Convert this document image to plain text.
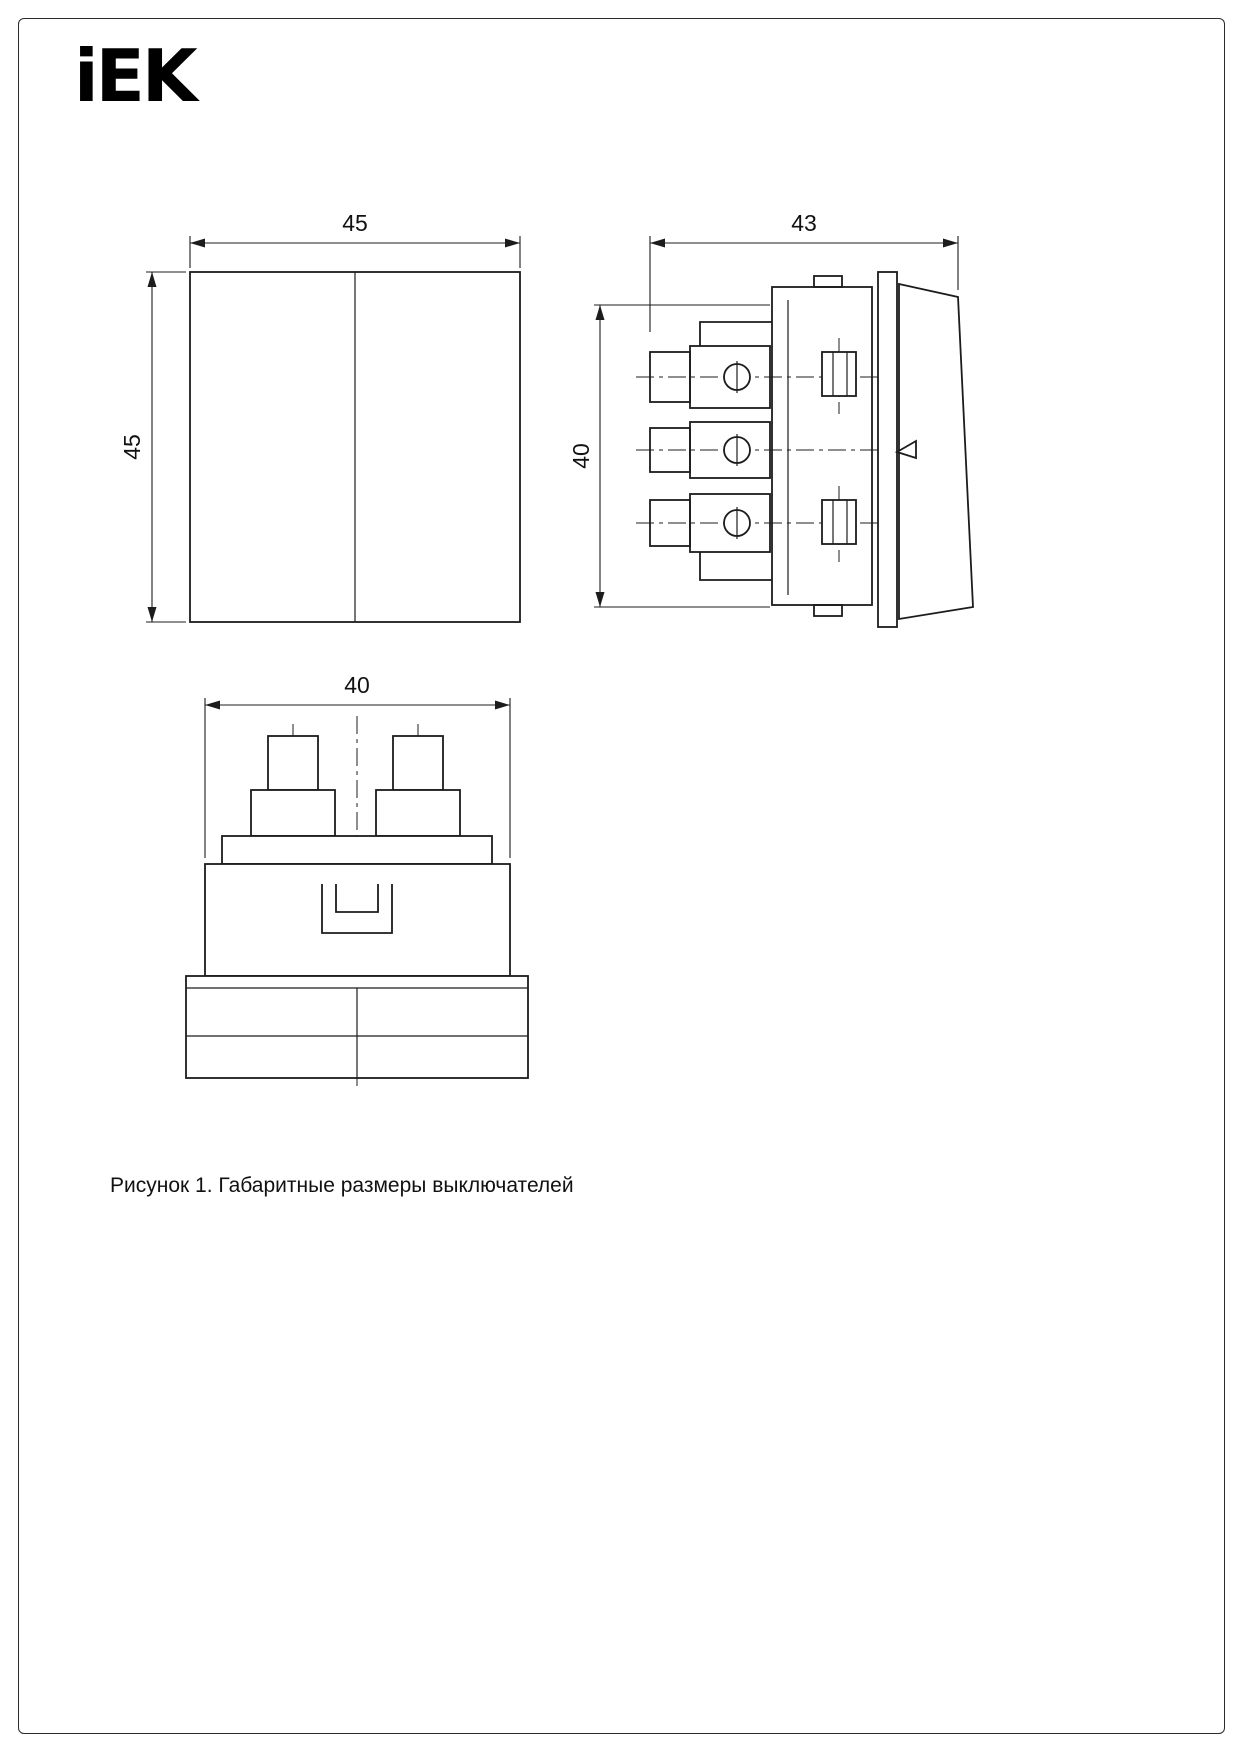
iEK
45
45
43
40
40
Рисунок 1. Габаритные размеры выключателей
